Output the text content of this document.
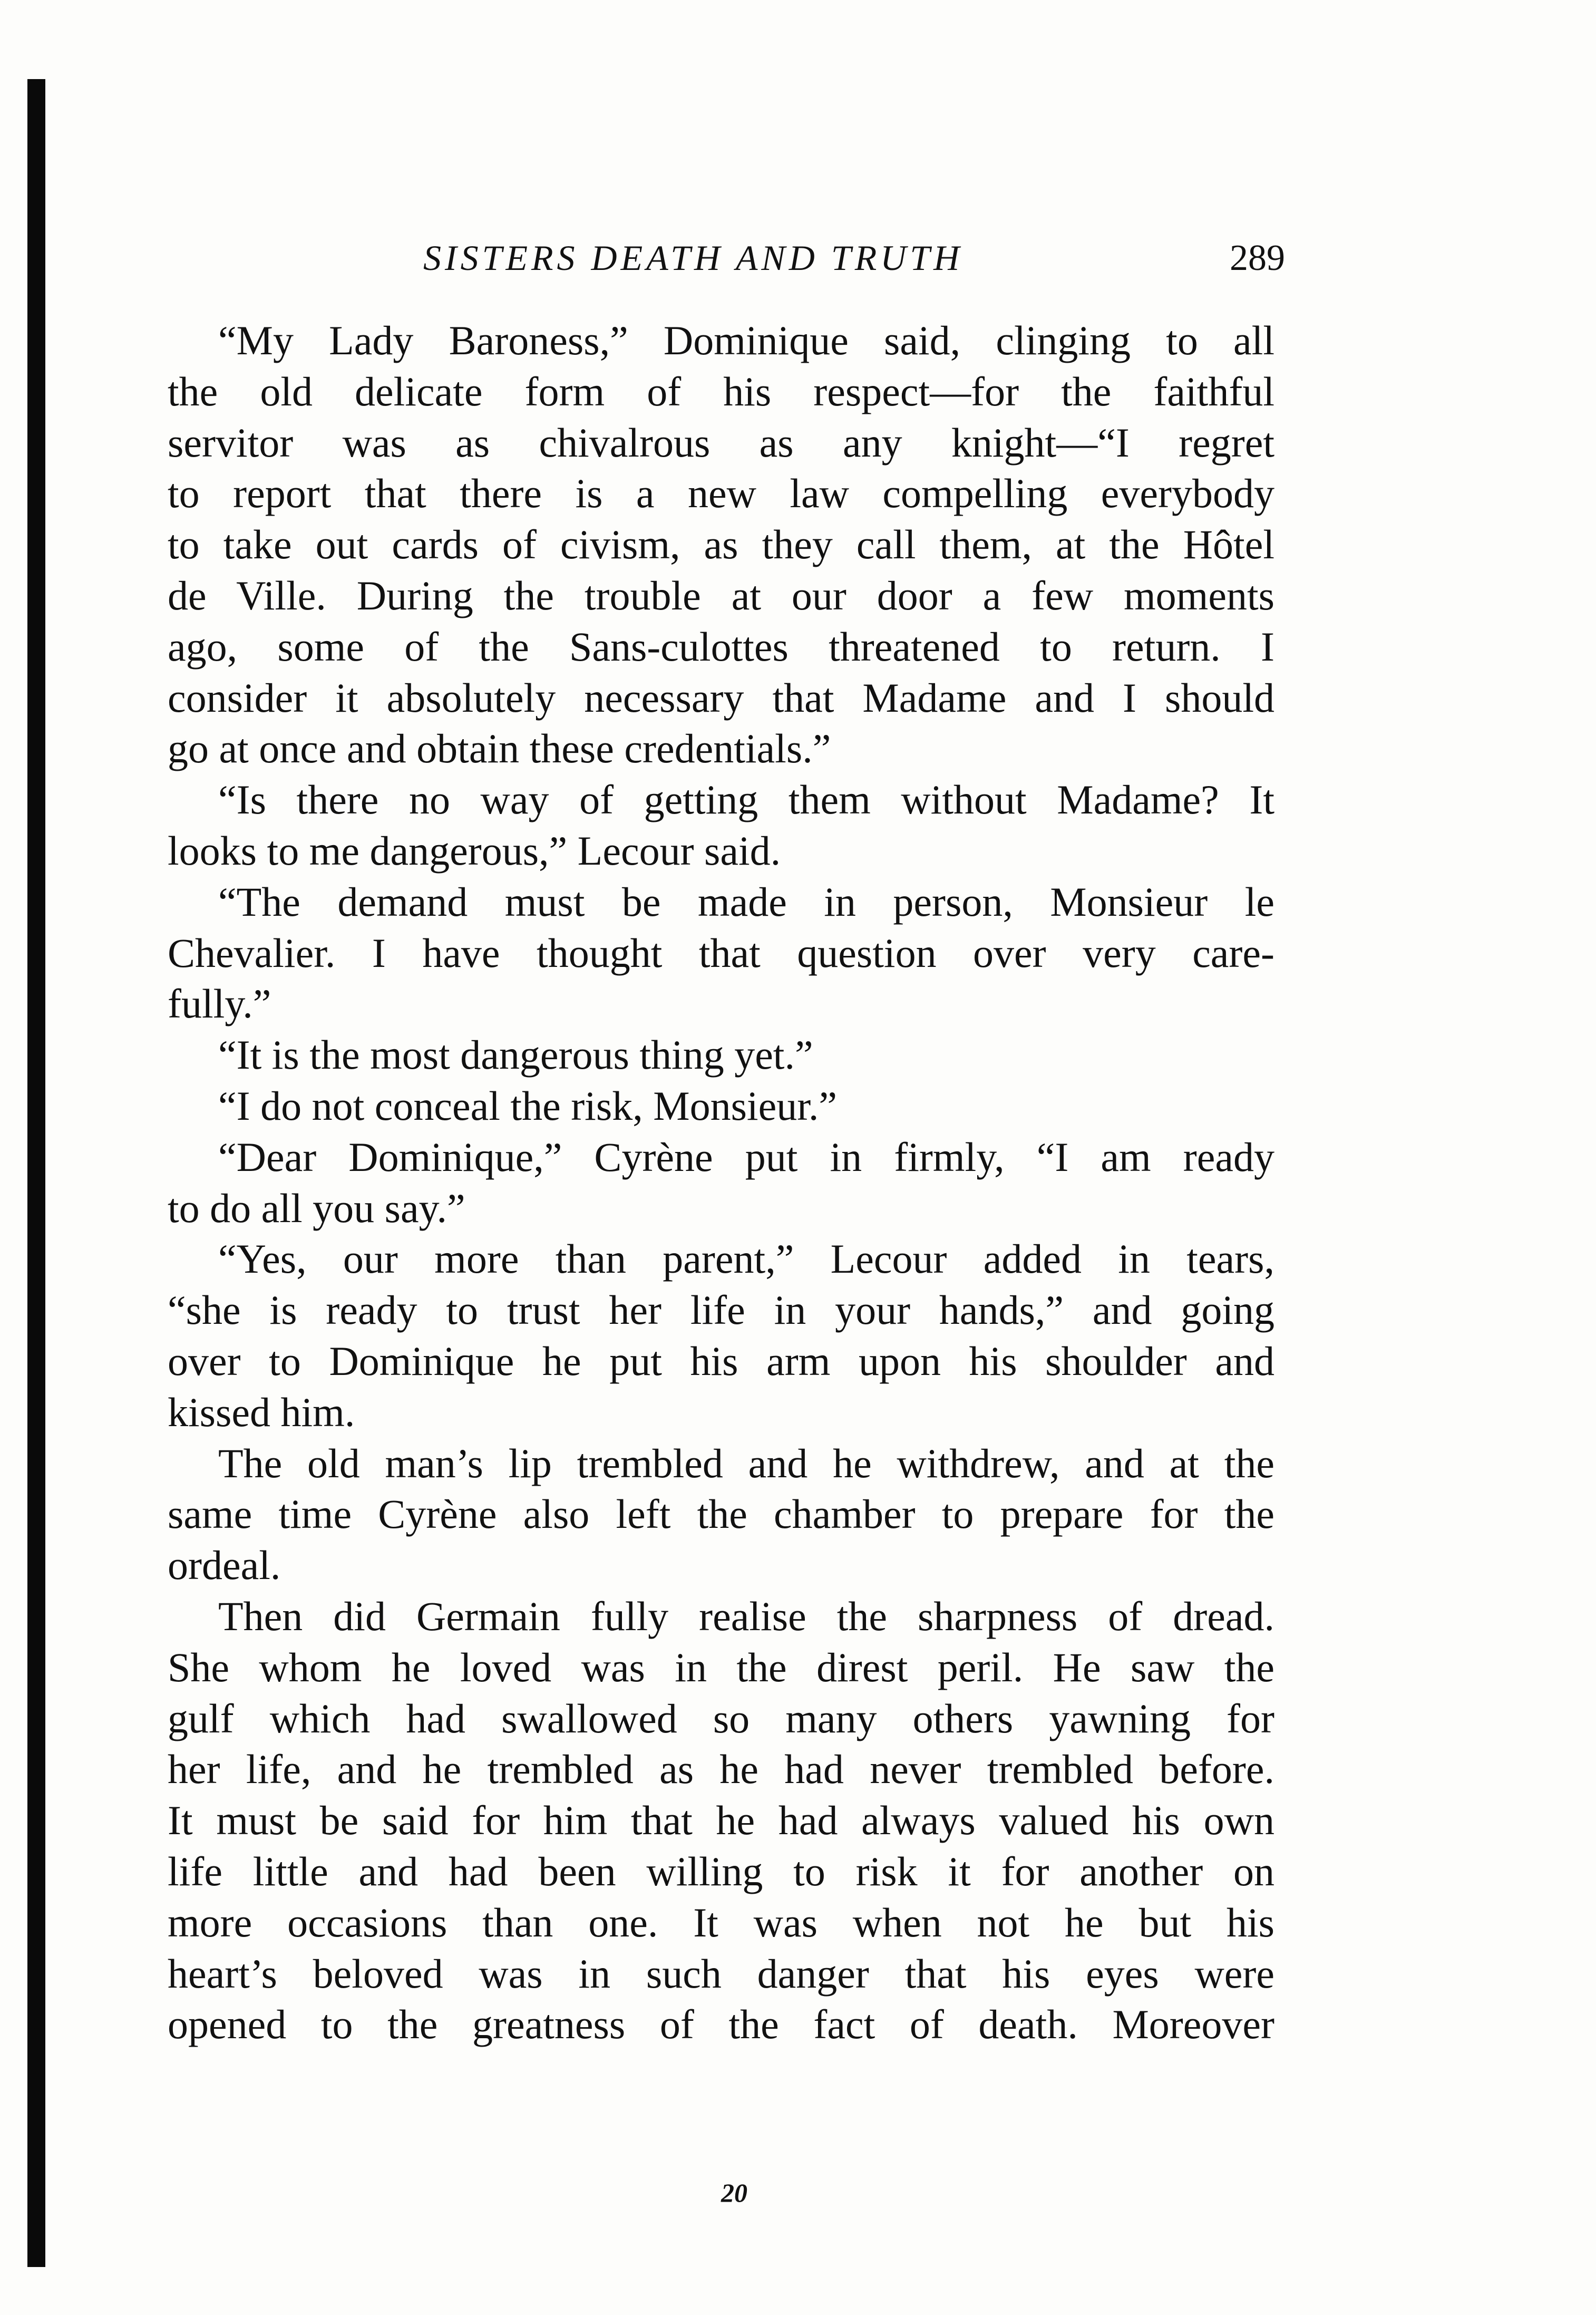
SISTERS DEATH AND TRUTH	289
“My Lady Baroness,” Dominique said, clinging to all
the old delicate form of his respect—for the faithful
servitor was as chivalrous as any knight—“I regret
to report that there is a new law compelling everybody
to take out cards of civism, as they call them, at the Hôtel
de Ville. During the trouble at our door a few moments
ago, some of the Sans-culottes threatened to return. I
consider it absolutely necessary that Madame and I should
go at once and obtain these credentials.”
“Is there no way of getting them without Madame? It
looks to me dangerous,” Lecour said.
“The demand must be made in person, Monsieur le
Chevalier. I have thought that question over very care-
fully.”
“It is the most dangerous thing yet.”
“I do not conceal the risk, Monsieur.”
“Dear Dominique,” Cyrène put in firmly, “I am ready
to do all you say.”
“Yes, our more than parent,” Lecour added in tears,
“she is ready to trust her life in your hands,” and going
over to Dominique he put his arm upon his shoulder and
kissed him.
The old man’s lip trembled and he withdrew, and at the
same time Cyrène also left the chamber to prepare for the
ordeal.
Then did Germain fully realise the sharpness of dread.
She whom he loved was in the direst peril. He saw the
gulf which had swallowed so many others yawning for
her life, and he trembled as he had never trembled before.
It must be said for him that he had always valued his own
life little and had been willing to risk it for another on
more occasions than one. It was when not he but his
heart’s beloved was in such danger that his eyes were
opened to the greatness of the fact of death. Moreover
20
